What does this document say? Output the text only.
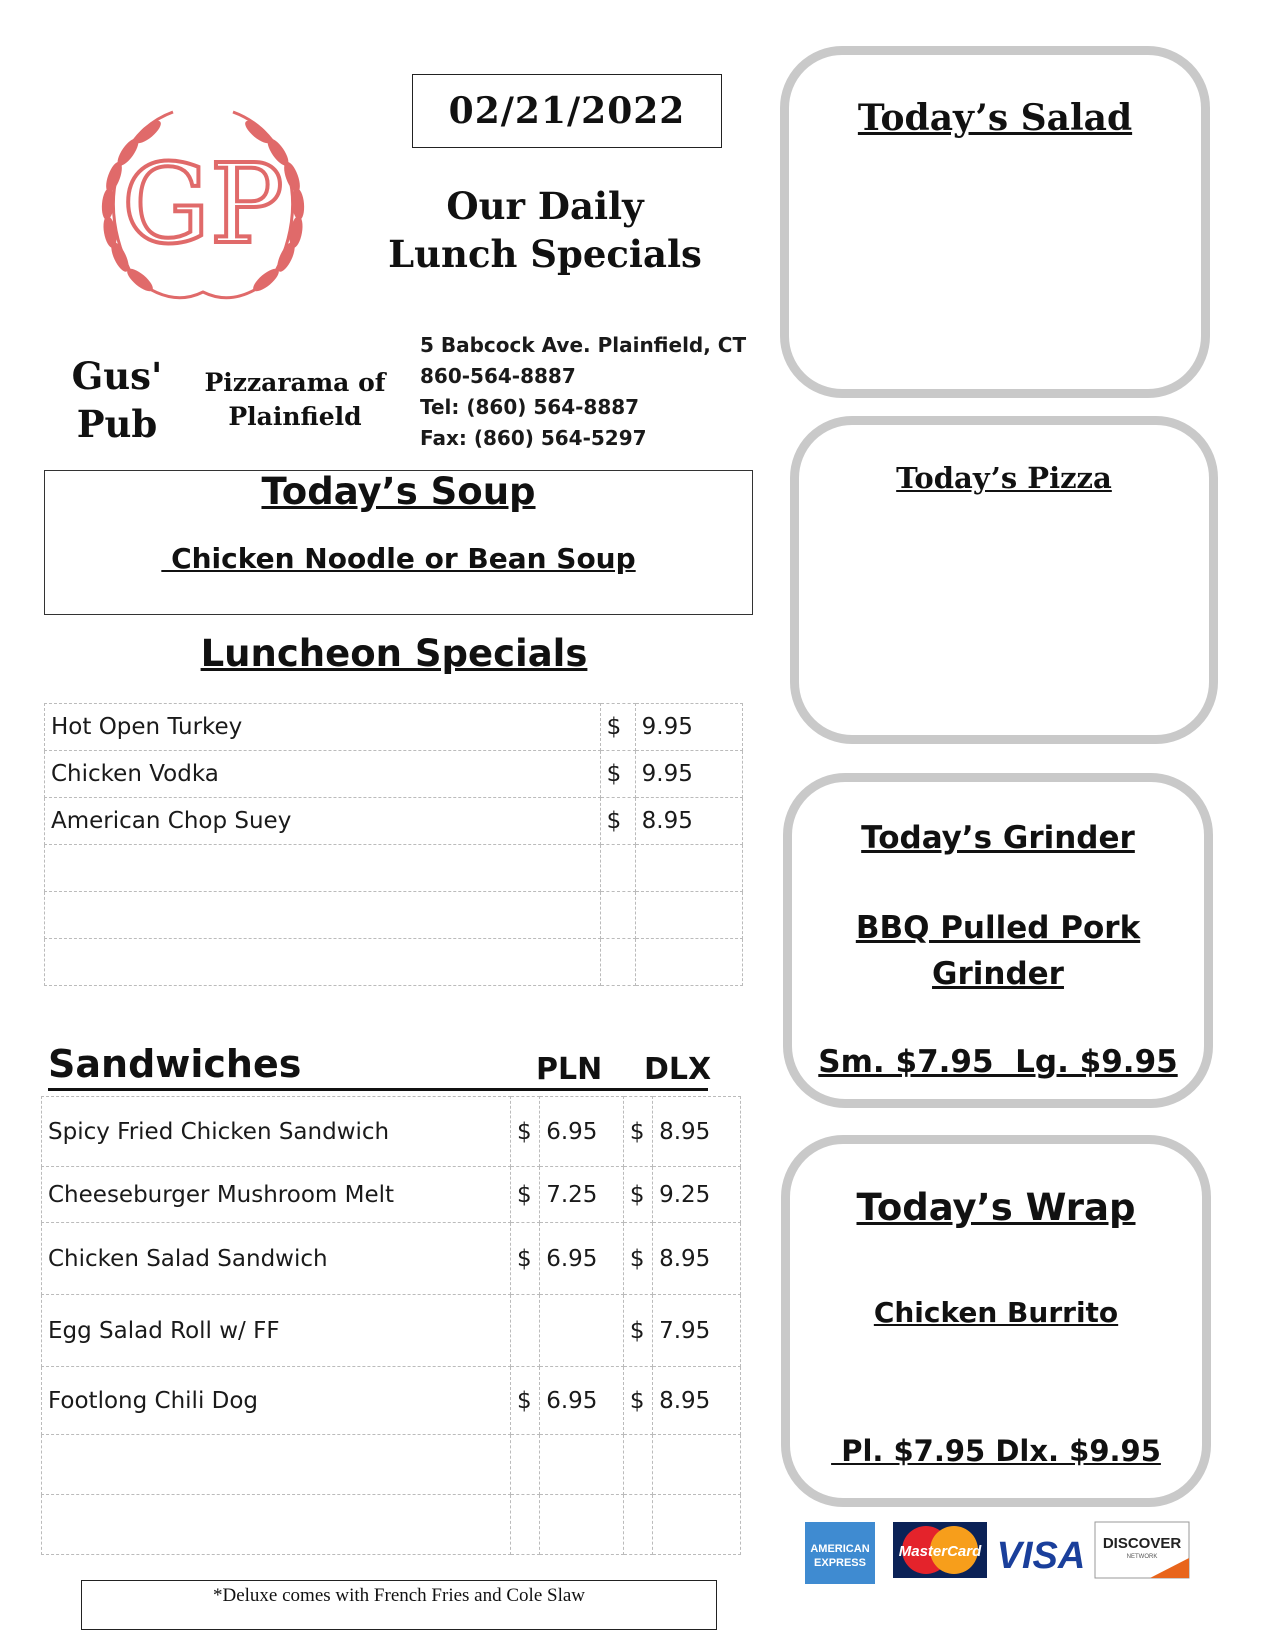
GP
02/21/2022
Our Daily
Lunch Specials
Gus'
Pub
Pizzarama of
Plainfield
5 Babcock Ave. Plainfield, CT
860-564-8887
Tel: (860) 564-8887
Fax: (860) 564-5297
Today’s Soup
Chicken Noodle or Bean Soup
Luncheon Specials
Hot Open Turkey	$	9.95
Chicken Vodka	$	9.95
American Chop Suey	$	8.95

Sandwiches	PLN DLX
Spicy Fried Chicken Sandwich	$	6.95	$	8.95
Cheeseburger Mushroom Melt	$	7.25	$	9.25
Chicken Salad Sandwich	$	6.95	$	8.95
Egg Salad Roll w/ FF			$	7.95
Footlong Chili Dog	$	6.95	$	8.95

*Deluxe comes with French Fries and Cole Slaw
Today’s Salad
Today’s Pizza
Today’s Grinder
BBQ Pulled Pork
Grinder
Sm. $7.95  Lg. $9.95
Today’s Wrap
Chicken Burrito
Pl. $7.95 Dlx. $9.95
AMERICAN
EXPRESS
MasterCard VISA DISCOVER
NETWORK
